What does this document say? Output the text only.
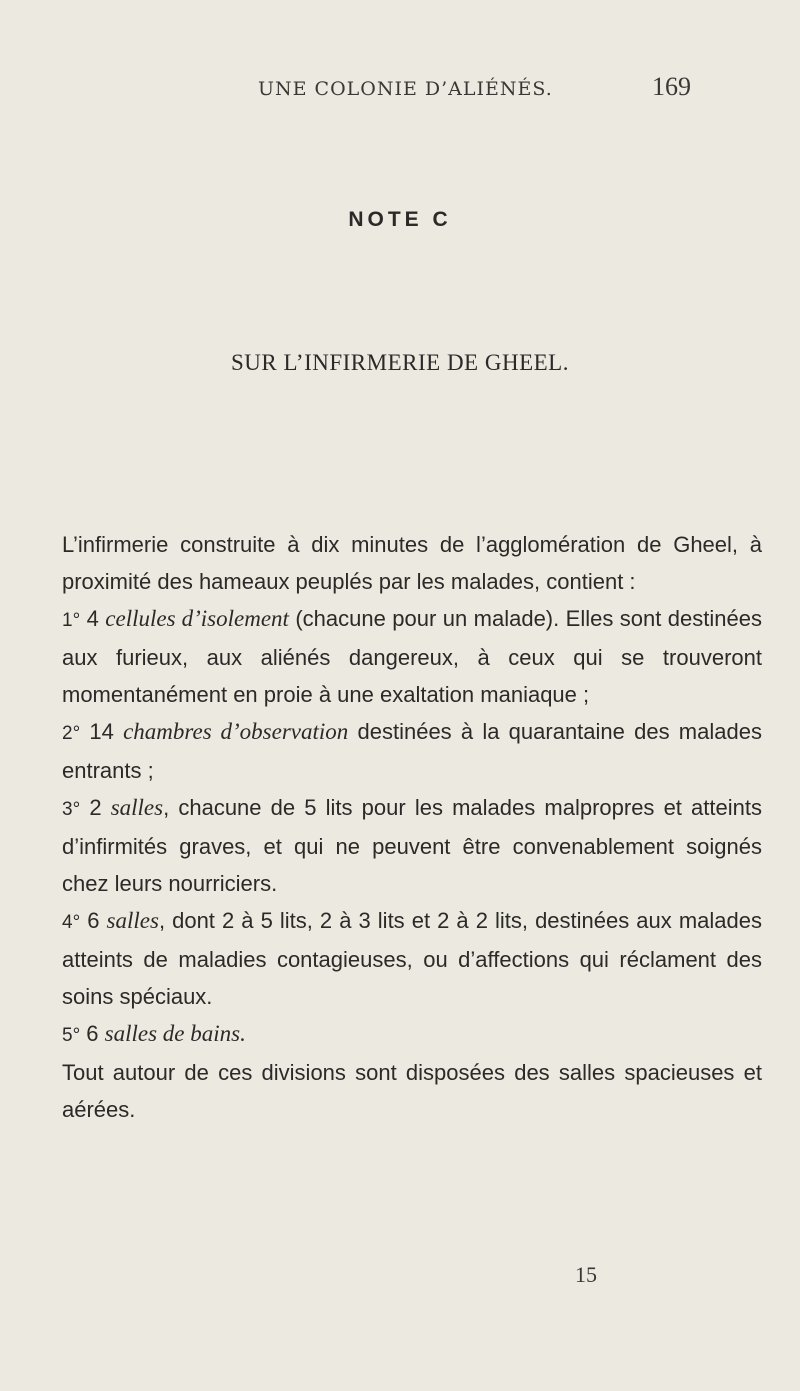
UNE COLONIE D’ALIÉNÉS.	169
NOTE C
SUR L’INFIRMERIE DE GHEEL.

L’infirmerie construite à dix minutes de l’agglomération de Gheel, à proximité des hameaux peuplés par les malades, contient :

1° 4 cellules d’isolement (chacune pour un malade). Elles sont destinées aux furieux, aux aliénés dangereux, à ceux qui se trouveront momentanément en proie à une exaltation maniaque ;

2° 14 chambres d’observation destinées à la quarantaine des malades entrants ;

3° 2 salles, chacune de 5 lits pour les malades malpropres et atteints d’infirmités graves, et qui ne peuvent être convenablement soignés chez leurs nourriciers.

4° 6 salles, dont 2 à 5 lits, 2 à 3 lits et 2 à 2 lits, destinées aux malades atteints de maladies contagieuses, ou d’affections qui réclament des soins spéciaux.

5° 6 salles de bains.

Tout autour de ces divisions sont disposées des salles spacieuses et aérées.

15
